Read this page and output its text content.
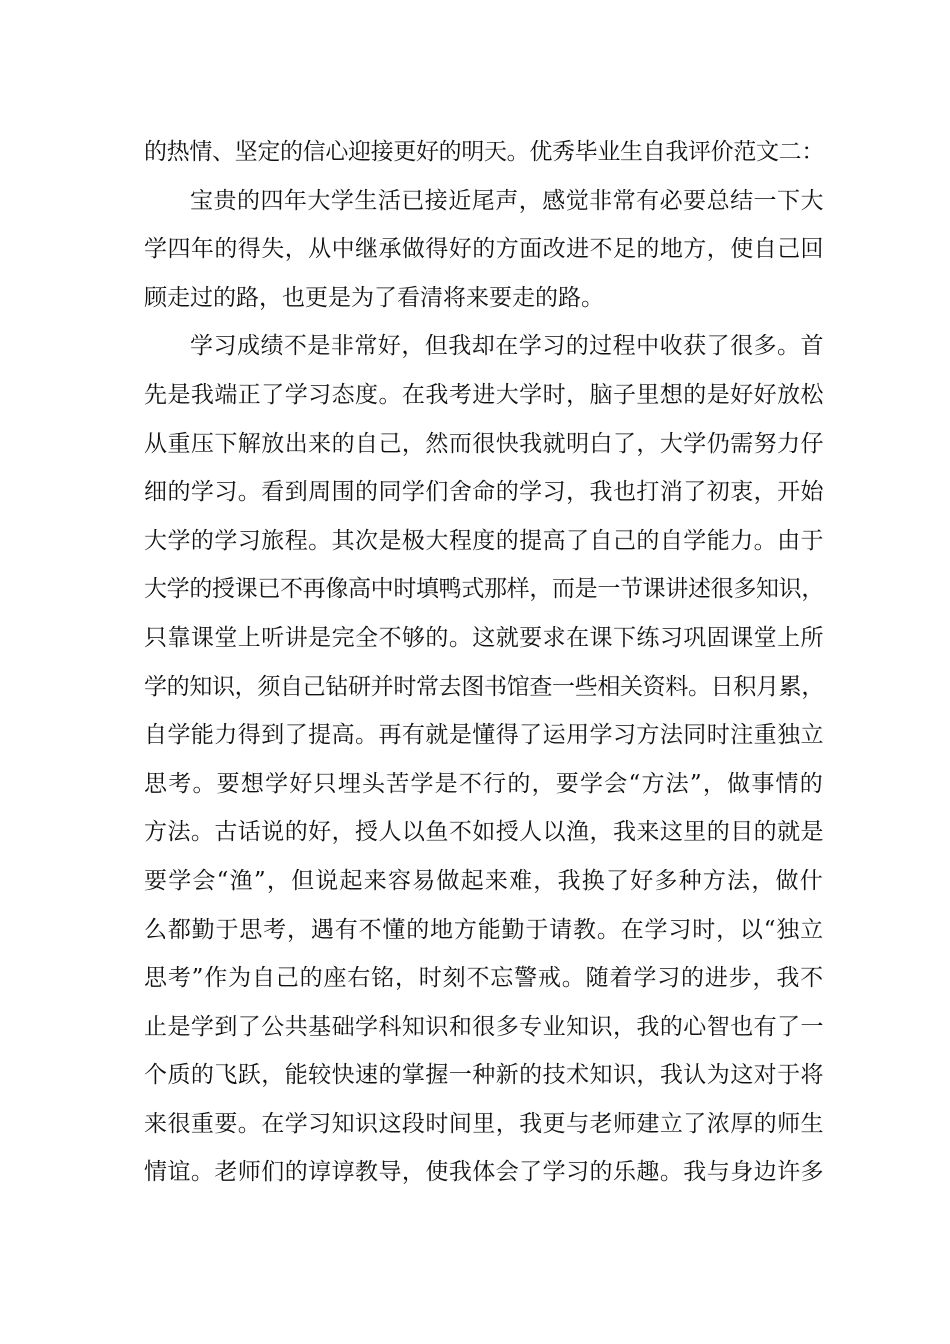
的热情、坚定的信心迎接更好的明天。优秀毕业生自我评价范文二：
宝贵的四年大学生活已接近尾声，感觉非常有必要总结一下大
学四年的得失，从中继承做得好的方面改进不足的地方，使自己回
顾走过的路，也更是为了看清将来要走的路。
学习成绩不是非常好，但我却在学习的过程中收获了很多。首
先是我端正了学习态度。在我考进大学时，脑子里想的是好好放松
从重压下解放出来的自己，然而很快我就明白了，大学仍需努力仔
细的学习。看到周围的同学们舍命的学习，我也打消了初衷，开始
大学的学习旅程。其次是极大程度的提高了自己的自学能力。由于
大学的授课已不再像高中时填鸭式那样，而是一节课讲述很多知识，
只靠课堂上听讲是完全不够的。这就要求在课下练习巩固课堂上所
学的知识，须自己钻研并时常去图书馆查一些相关资料。日积月累，
自学能力得到了提高。再有就是懂得了运用学习方法同时注重独立
思考。要想学好只埋头苦学是不行的，要学会“方法”，做事情的
方法。古话说的好，授人以鱼不如授人以渔，我来这里的目的就是
要学会“渔”，但说起来容易做起来难，我换了好多种方法，做什
么都勤于思考，遇有不懂的地方能勤于请教。在学习时，以“独立
思考”作为自己的座右铭，时刻不忘警戒。随着学习的进步，我不
止是学到了公共基础学科知识和很多专业知识，我的心智也有了一
个质的飞跃，能较快速的掌握一种新的技术知识，我认为这对于将
来很重要。在学习知识这段时间里，我更与老师建立了浓厚的师生
情谊。老师们的谆谆教导，使我体会了学习的乐趣。我与身边许多
